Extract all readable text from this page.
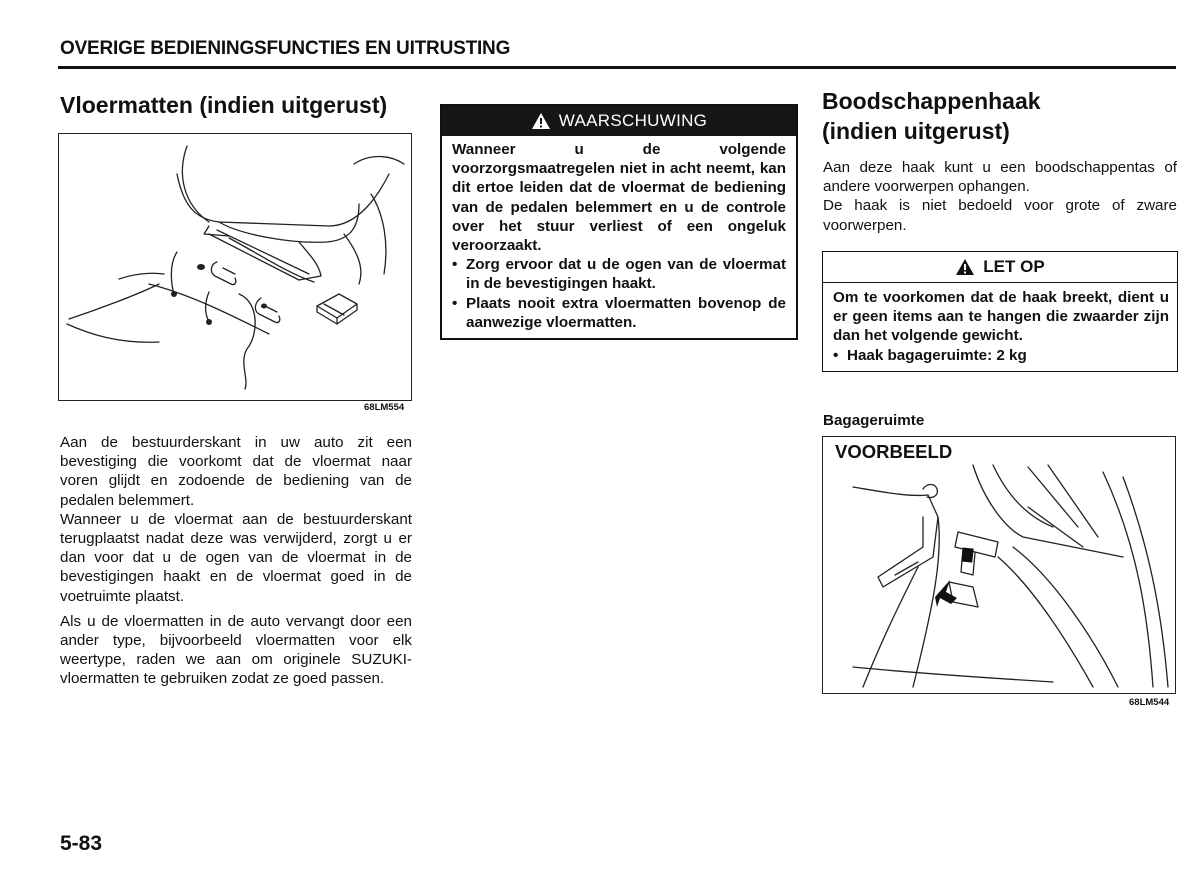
OVERIGE BEDIENINGSFUNCTIES EN UITRUSTING
Vloermatten (indien uitgerust)
68LM554

Aan de bestuurderskant in uw auto zit een bevestiging die voorkomt dat de vloermat naar voren glijdt en zodoende de bediening van de pedalen belemmert.

Wanneer u de vloermat aan de bestuurderskant terugplaatst nadat deze was verwijderd, zorgt u er dan voor dat u de ogen van de vloermat in de bevestigingen haakt en de vloermat goed in de voetruimte plaatst.

Als u de vloermatten in de auto vervangt door een ander type, bijvoorbeeld vloermatten voor elk weertype, raden we aan om originele SUZUKI-vloermatten te gebruiken zodat ze goed passen.

WAARSCHUWING

Wanneer u de volgende voorzorgsmaatregelen niet in acht neemt, kan dit ertoe leiden dat de vloermat de bediening van de pedalen belemmert en u de controle over het stuur verliest of een ongeluk veroorzaakt.

• Zorg ervoor dat u de ogen van de vloermat in de bevestigingen haakt.
• Plaats nooit extra vloermatten bovenop de aanwezige vloermatten.
Boodschappenhaak
(indien uitgerust)

Aan deze haak kunt u een boodschappentas of andere voorwerpen ophangen.

De haak is niet bedoeld voor grote of zware voorwerpen.

LET OP

Om te voorkomen dat de haak breekt, dient u er geen items aan te hangen die zwaarder zijn dan het volgende gewicht.

• Haak bagageruimte: 2 kg
Bagageruimte
VOORBEELD
68LM544
5-83
